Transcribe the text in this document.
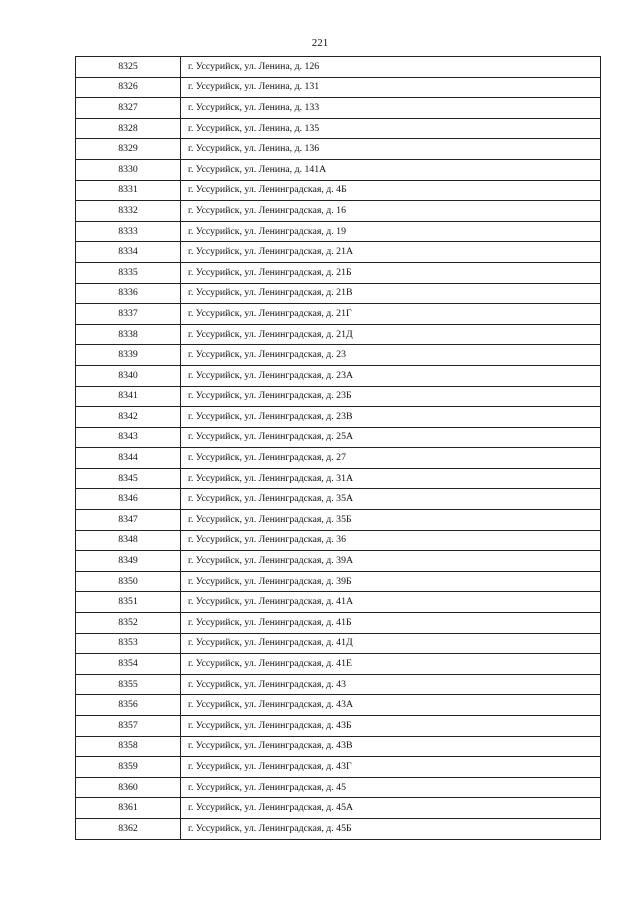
221
8325	г. Уссурийск, ул. Ленина, д. 126
8326	г. Уссурийск, ул. Ленина, д. 131
8327	г. Уссурийск, ул. Ленина, д. 133
8328	г. Уссурийск, ул. Ленина, д. 135
8329	г. Уссурийск, ул. Ленина, д. 136
8330	г. Уссурийск, ул. Ленина, д. 141А
8331	г. Уссурийск, ул. Ленинградская, д. 4Б
8332	г. Уссурийск, ул. Ленинградская, д. 16
8333	г. Уссурийск, ул. Ленинградская, д. 19
8334	г. Уссурийск, ул. Ленинградская, д. 21А
8335	г. Уссурийск, ул. Ленинградская, д. 21Б
8336	г. Уссурийск, ул. Ленинградская, д. 21В
8337	г. Уссурийск, ул. Ленинградская, д. 21Г
8338	г. Уссурийск, ул. Ленинградская, д. 21Д
8339	г. Уссурийск, ул. Ленинградская, д. 23
8340	г. Уссурийск, ул. Ленинградская, д. 23А
8341	г. Уссурийск, ул. Ленинградская, д. 23Б
8342	г. Уссурийск, ул. Ленинградская, д. 23В
8343	г. Уссурийск, ул. Ленинградская, д. 25А
8344	г. Уссурийск, ул. Ленинградская, д. 27
8345	г. Уссурийск, ул. Ленинградская, д. 31А
8346	г. Уссурийск, ул. Ленинградская, д. 35А
8347	г. Уссурийск, ул. Ленинградская, д. 35Б
8348	г. Уссурийск, ул. Ленинградская, д. 36
8349	г. Уссурийск, ул. Ленинградская, д. 39А
8350	г. Уссурийск, ул. Ленинградская, д. 39Б
8351	г. Уссурийск, ул. Ленинградская, д. 41А
8352	г. Уссурийск, ул. Ленинградская, д. 41Б
8353	г. Уссурийск, ул. Ленинградская, д. 41Д
8354	г. Уссурийск, ул. Ленинградская, д. 41Е
8355	г. Уссурийск, ул. Ленинградская, д. 43
8356	г. Уссурийск, ул. Ленинградская, д. 43А
8357	г. Уссурийск, ул. Ленинградская, д. 43Б
8358	г. Уссурийск, ул. Ленинградская, д. 43В
8359	г. Уссурийск, ул. Ленинградская, д. 43Г
8360	г. Уссурийск, ул. Ленинградская, д. 45
8361	г. Уссурийск, ул. Ленинградская, д. 45А
8362	г. Уссурийск, ул. Ленинградская, д. 45Б
